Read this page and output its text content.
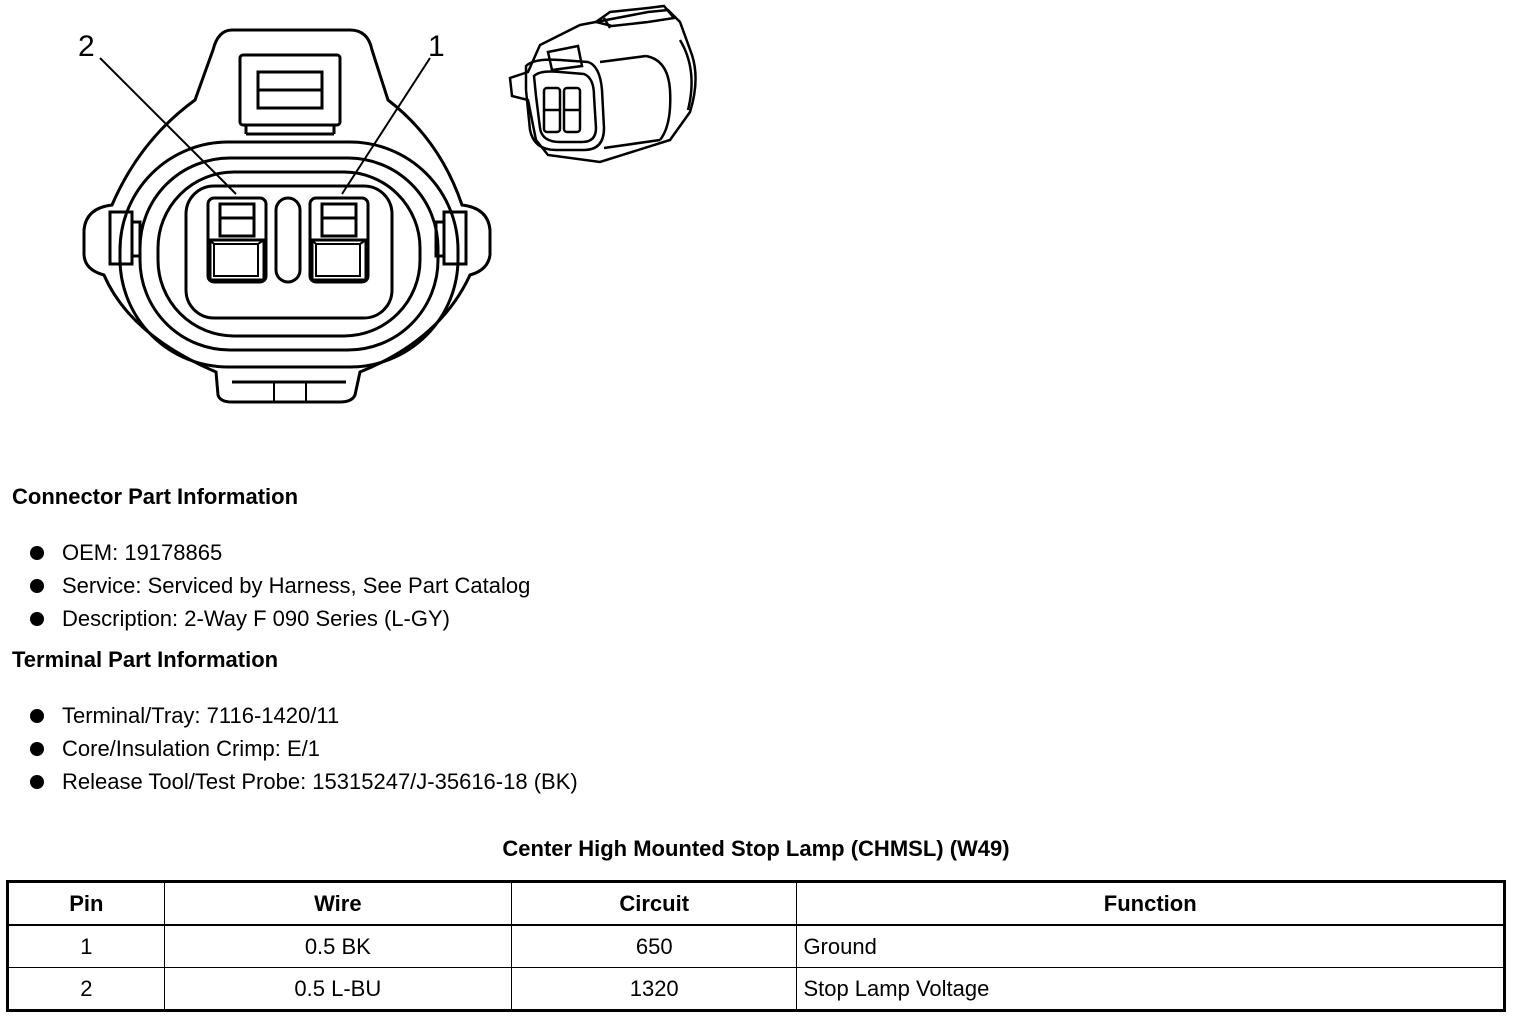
2	1
Connector Part Information
OEM: 19178865
Service: Serviced by Harness, See Part Catalog
Description: 2-Way F 090 Series (L-GY)
Terminal Part Information
Terminal/Tray: 7116-1420/11
Core/Insulation Crimp: E/1
Release Tool/Test Probe: 15315247/J-35616-18 (BK)
Center High Mounted Stop Lamp (CHMSL) (W49)
Pin	Wire	Circuit	Function
1	0.5 BK	650	Ground
2	0.5 L-BU	1320	Stop Lamp Voltage
